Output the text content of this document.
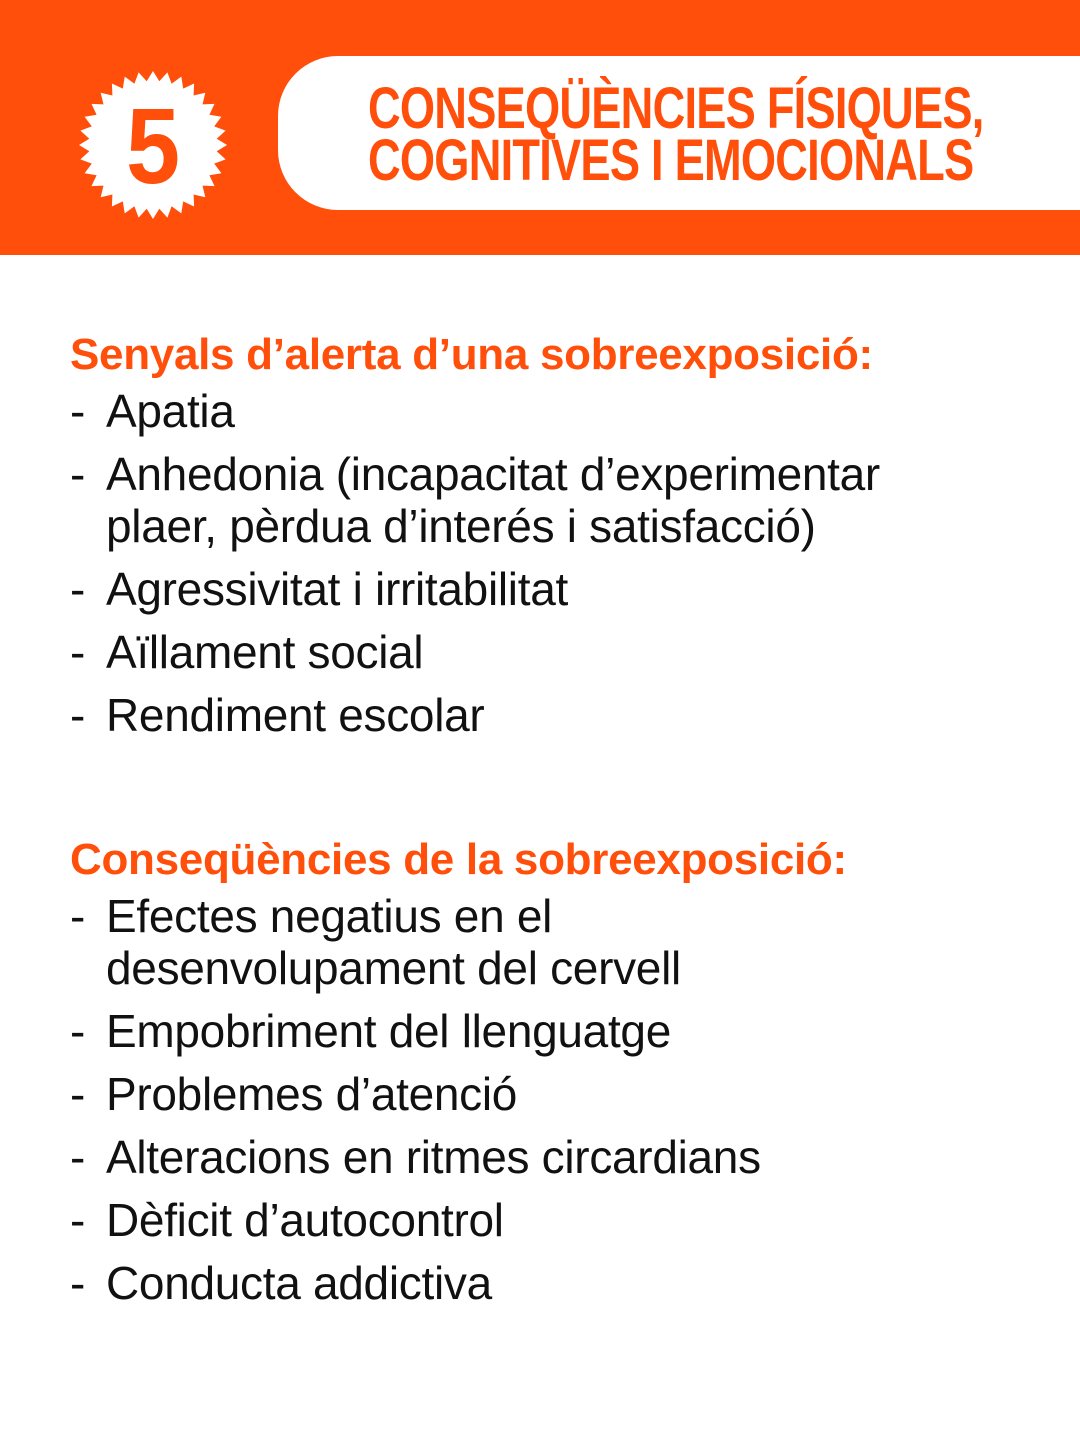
5	CONSEQÜÈNCIES FÍSIQUES,
COGNITIVES I EMOCIONALS
Senyals d’alerta d’una sobreexposició:
- Apatia
- Anhedonia (incapacitat d’experimentar
plaer, pèrdua d’interés i satisfacció)
- Agressivitat i irritabilitat
- Aïllament social
- Rendiment escolar
Conseqüències de la sobreexposició:
- Efectes negatius en el
desenvolupament del cervell
- Empobriment del llenguatge
- Problemes d’atenció
- Alteracions en ritmes circardians
- Dèficit d’autocontrol
- Conducta addictiva
